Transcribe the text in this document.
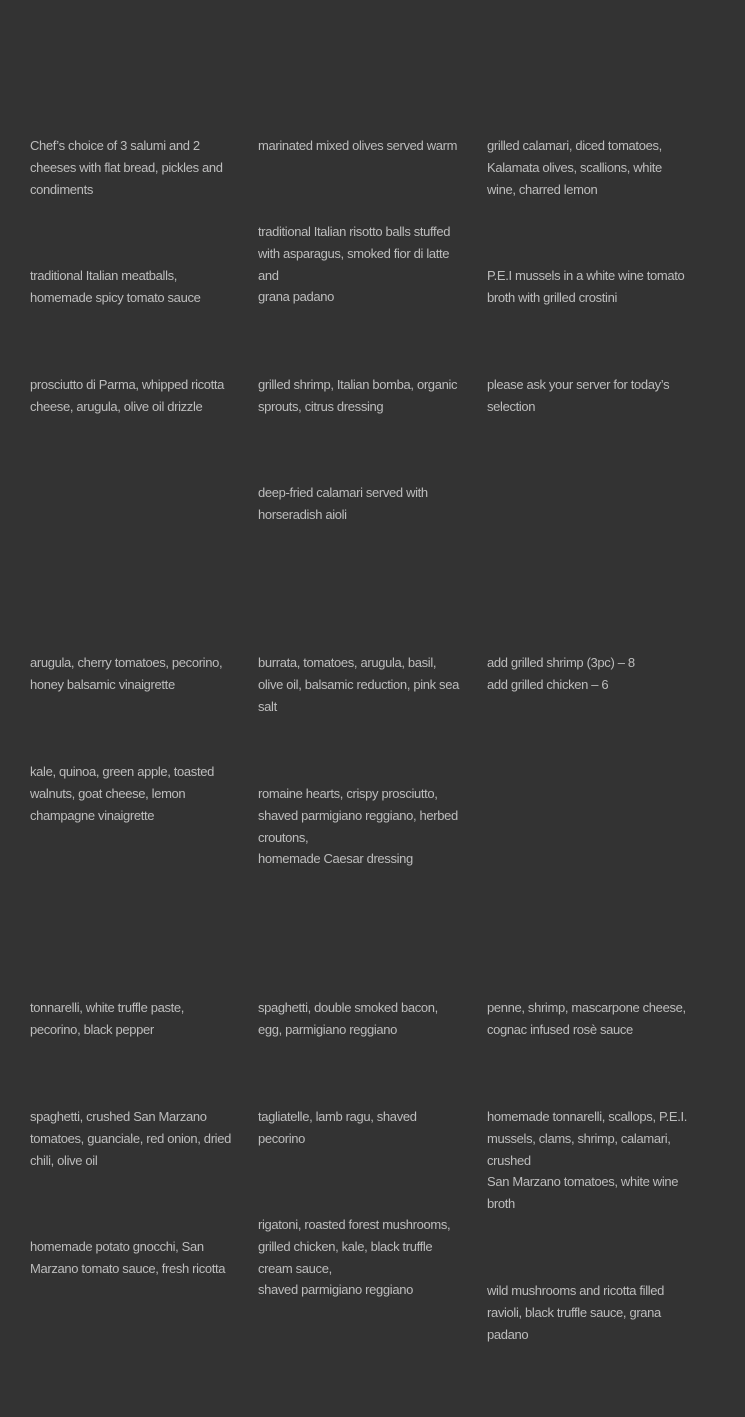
Chef’s choice of 3 salumi and 2
cheeses with flat bread, pickles and
condiments
marinated mixed olives served warm	grilled calamari, diced tomatoes,
Kalamata olives, scallions, white
wine, charred lemon
traditional Italian risotto balls stuffed
with asparagus, smoked fior di latte
and
grana padano
traditional Italian meatballs,
homemade spicy tomato sauce
P.E.I mussels in a white wine tomato
broth with grilled crostini
prosciutto di Parma, whipped ricotta
cheese, arugula, olive oil drizzle
grilled shrimp, Italian bomba, organic
sprouts, citrus dressing
please ask your server for today’s
selection
deep-fried calamari served with
horseradish aioli
arugula, cherry tomatoes, pecorino,
honey balsamic vinaigrette
burrata, tomatoes, arugula, basil,
olive oil, balsamic reduction, pink sea
salt
add grilled shrimp (3pc) – 8
add grilled chicken – 6
kale, quinoa, green apple, toasted
walnuts, goat cheese, lemon
champagne vinaigrette
romaine hearts, crispy prosciutto,
shaved parmigiano reggiano, herbed
croutons,
homemade Caesar dressing
tonnarelli, white truffle paste,
pecorino, black pepper
spaghetti, double smoked bacon,
egg, parmigiano reggiano
penne, shrimp, mascarpone cheese,
cognac infused rosè sauce
spaghetti, crushed San Marzano
tomatoes, guanciale, red onion, dried
chili, olive oil
tagliatelle, lamb ragu, shaved
pecorino
homemade tonnarelli, scallops, P.E.I.
mussels, clams, shrimp, calamari,
crushed
San Marzano tomatoes, white wine
broth
rigatoni, roasted forest mushrooms,
grilled chicken, kale, black truffle
cream sauce,
shaved parmigiano reggiano
homemade potato gnocchi, San
Marzano tomato sauce, fresh ricotta
wild mushrooms and ricotta filled
ravioli, black truffle sauce, grana
padano
